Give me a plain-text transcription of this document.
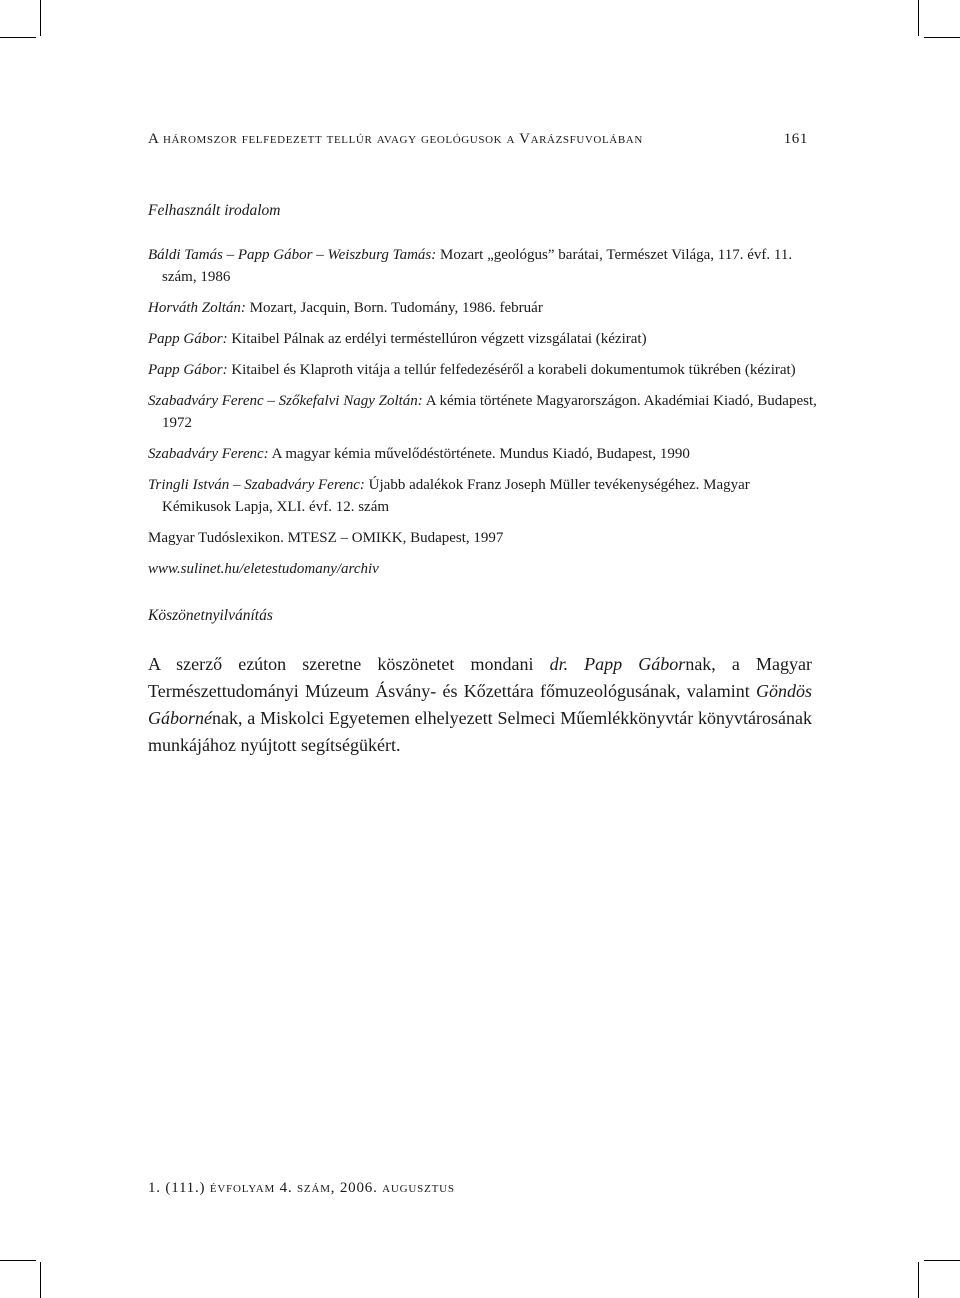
A háromszor felfedezett tellúr avagy geológusok a Varázsfuvolában	161
Felhasznált irodalom
Báldi Tamás – Papp Gábor – Weiszburg Tamás: Mozart „geológus” barátai, Természet Világa, 117. évf. 11. szám, 1986
Horváth Zoltán: Mozart, Jacquin, Born. Tudomány, 1986. február
Papp Gábor: Kitaibel Pálnak az erdélyi terméstellúron végzett vizsgálatai (kézirat)
Papp Gábor: Kitaibel és Klaproth vitája a tellúr felfedezéséről a korabeli dokumentumok tükrében (kézirat)
Szabadváry Ferenc – Szőkefalvi Nagy Zoltán: A kémia története Magyarországon. Akadémiai Kiadó, Budapest, 1972
Szabadváry Ferenc: A magyar kémia művelődéstörténete. Mundus Kiadó, Budapest, 1990
Tringli István – Szabadváry Ferenc: Újabb adalékok Franz Joseph Müller tevékenységéhez. Magyar Kémikusok Lapja, XLI. évf. 12. szám
Magyar Tudóslexikon. MTESZ – OMIKK, Budapest, 1997
www.sulinet.hu/eletestudomany/archiv
Köszönetnyilvánítás
A szerző ezúton szeretne köszönetet mondani dr. Papp Gábornak, a Magyar Természettudományi Múzeum Ásvány- és Kőzettára főmuzeológusának, valamint Göndös Gábornénak, a Miskolci Egyetemen elhelyezett Selmeci Műemlékkönyvtár könyvtárosának munkájához nyújtott segítségükért.
1. (111.) évfolyam 4. szám, 2006. augusztus
